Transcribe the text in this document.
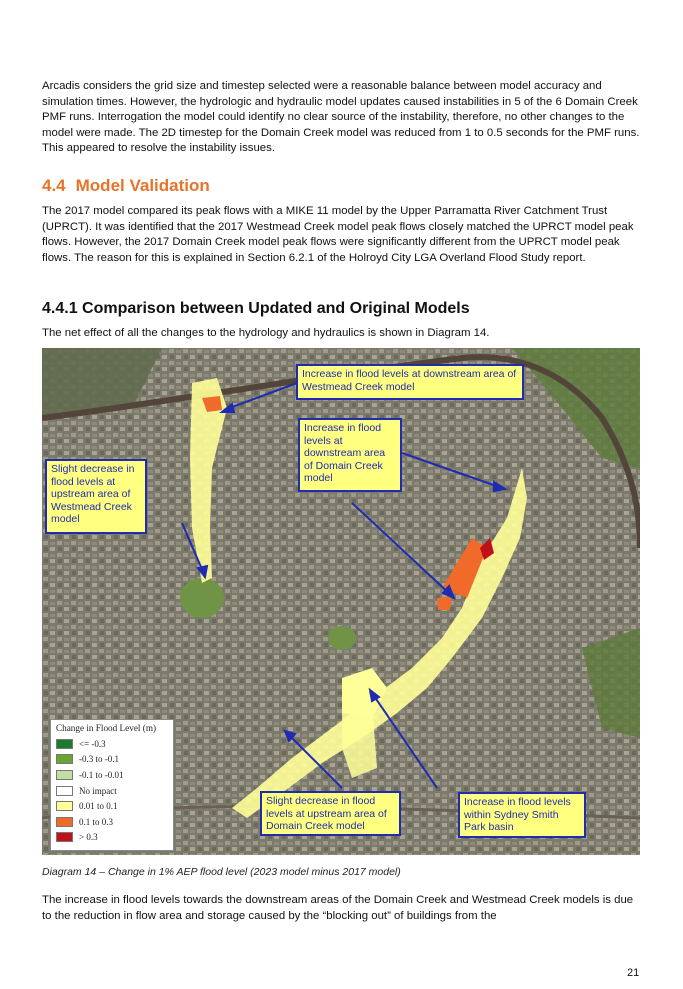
Arcadis considers the grid size and timestep selected were a reasonable balance between model accuracy and simulation times. However, the hydrologic and hydraulic model updates caused instabilities in 5 of the 6 Domain Creek PMF runs. Interrogation the model could identify no clear source of the instability, therefore, no other changes to the model were made. The 2D timestep for the Domain Creek model was reduced from 1 to 0.5 seconds for the PMF runs. This appeared to resolve the instability issues.

4.4 Model Validation

The 2017 model compared its peak flows with a MIKE 11 model by the Upper Parramatta River Catchment Trust (UPRCT). It was identified that the 2017 Westmead Creek model peak flows closely matched the UPRCT model peak flows. However, the 2017 Domain Creek model peak flows were significantly different from the UPRCT model peak flows. The reason for this is explained in Section 6.2.1 of the Holroyd City LGA Overland Flood Study report.

4.4.1 Comparison between Updated and Original Models

The net effect of all the changes to the hydrology and hydraulics is shown in Diagram 14.

Increase in flood levels at downstream area of Westmead Creek model
Increase in flood levels at downstream area of Domain Creek model
Slight decrease in flood levels at upstream area of Westmead Creek model
Slight decrease in flood levels at upstream area of Domain Creek model
Increase in flood levels within Sydney Smith Park basin
Change in Flood Level (m)
<= -0.3
-0.3 to -0.1
-0.1 to -0.01
No impact
0.01 to 0.1
0.1 to 0.3
> 0.3

Diagram 14 – Change in 1% AEP flood level (2023 model minus 2017 model)

The increase in flood levels towards the downstream areas of the Domain Creek and Westmead Creek models is due to the reduction in flow area and storage caused by the “blocking out” of buildings from the

21
